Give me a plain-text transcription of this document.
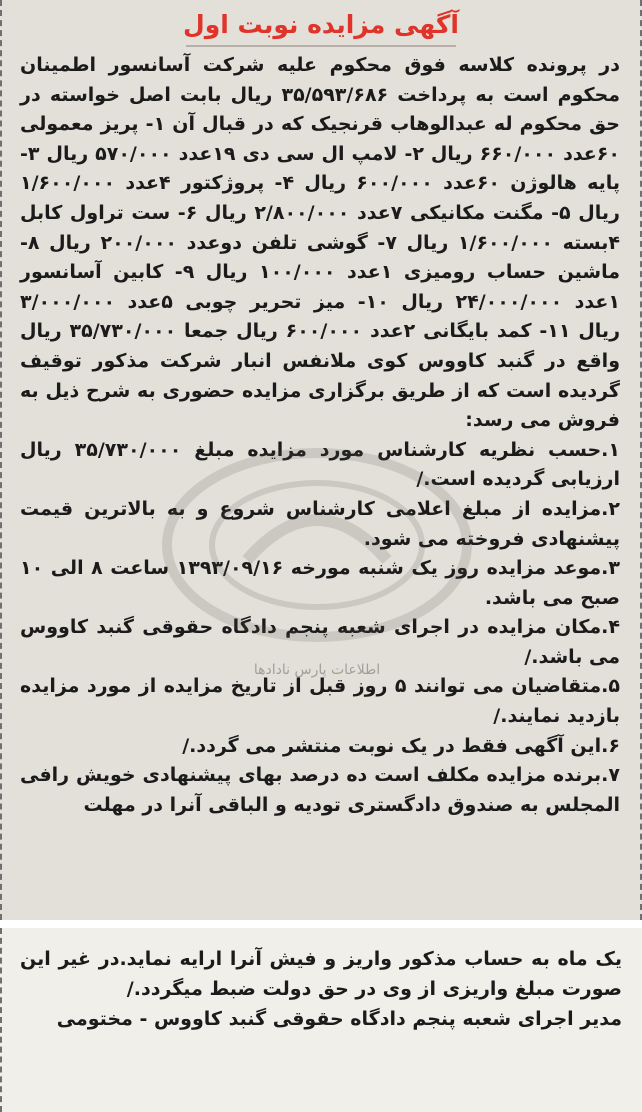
آگهی مزایده نوبت اول

در پرونده کلاسه فوق محکوم علیه شرکت آسانسور اطمینان محکوم است به پرداخت ۳۵/۵۹۳/۶۸۶ ریال بابت اصل خواسته در حق محکوم له عبدالوهاب قرنجیک که در قبال آن ۱- پریز معمولی ۶۰عدد ۶۶۰/۰۰۰ ریال ۲- لامپ ال سی دی ۱۹عدد ۵۷۰/۰۰۰ ریال ۳- پایه هالوژن ۶۰عدد ۶۰۰/۰۰۰ ریال ۴- پروژکتور ۴عدد ۱/۶۰۰/۰۰۰ ریال ۵- مگنت مکانیکی ۷عدد ۲/۸۰۰/۰۰۰ ریال ۶- ست تراول کابل ۴بسته ۱/۶۰۰/۰۰۰ ریال ۷- گوشی تلفن دوعدد ۲۰۰/۰۰۰ ریال ۸- ماشین حساب رومیزی ۱عدد ۱۰۰/۰۰۰ ریال ۹- کابین آسانسور ۱عدد ۲۴/۰۰۰/۰۰۰ ریال ۱۰- میز تحریر چوبی ۵عدد ۳/۰۰۰/۰۰۰ ریال ۱۱- کمد بایگانی ۲عدد ۶۰۰/۰۰۰ ریال جمعا ۳۵/۷۳۰/۰۰۰ ریال واقع در گنبد کاووس کوی ملانفس انبار شرکت مذکور توقیف گردیده است که از طریق برگزاری مزایده حضوری به شرح ذیل به فروش می رسد:

۱.حسب نظریه کارشناس مورد مزایده مبلغ ۳۵/۷۳۰/۰۰۰ ریال ارزیابی گردیده است./

۲.مزایده از مبلغ اعلامی کارشناس شروع و به بالاترین قیمت پیشنهادی فروخته می شود.

۳.موعد مزایده روز یک شنبه مورخه ۱۳۹۳/۰۹/۱۶ ساعت ۸ الی ۱۰ صبح می باشد.

۴.مکان مزایده در اجرای شعبه پنجم دادگاه حقوقی گنبد کاووس می باشد./

۵.متقاضیان می توانند ۵ روز قبل از تاریخ مزایده از مورد مزایده بازدید نمایند./

۶.این آگهی فقط در یک نوبت منتشر می گردد./

۷.برنده مزایده مکلف است ده درصد بهای پیشنهادی خویش رافی المجلس به صندوق دادگستری تودیه و الباقی آنرا در مهلت

اطلاعات پارس نادادها

یک ماه به حساب مذکور واریز و فیش آنرا ارایه نماید.در غیر این صورت مبلغ واریزی از وی در حق دولت ضبط میگردد./

مدیر اجرای شعبه پنجم دادگاه حقوقی گنبد کاووس - مختومی
